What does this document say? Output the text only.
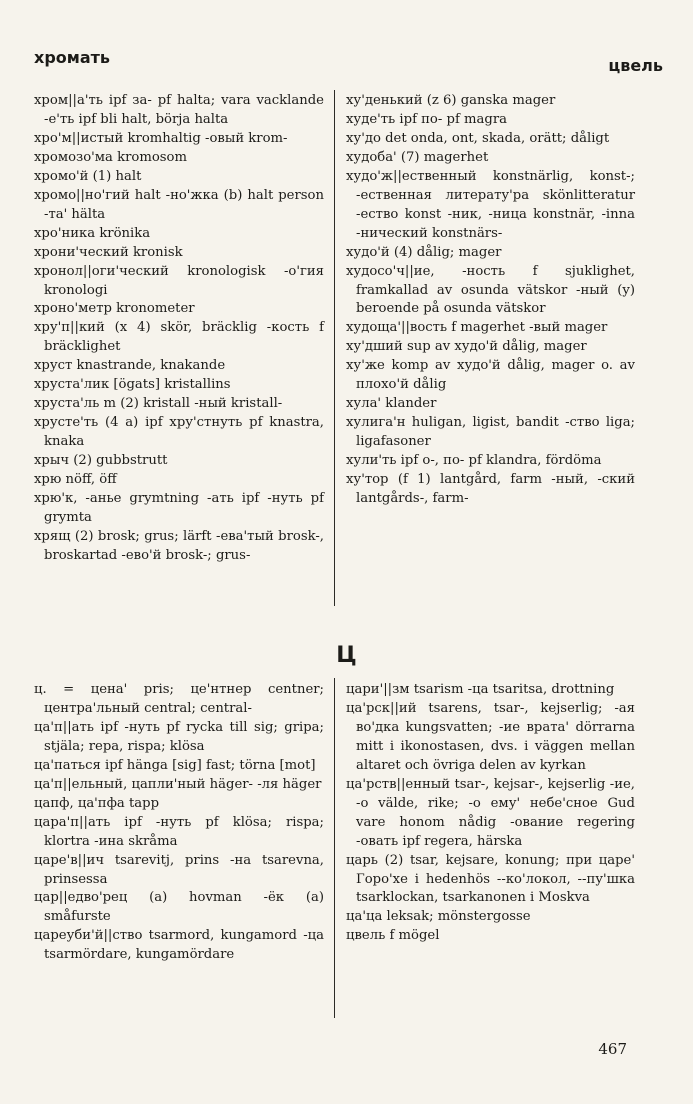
хромать	цвель
хром||а'ть ipf за- pf halta; vara vacklande -е'ть ipf bli halt, börja halta
хро'м||истый kromhaltig -овый krom-
хромозо'ма kromosom
хромо'й (1) halt
хромо||но'гий halt -но'жка (b) halt person -та' hälta
хро'ника krönika
хрони'ческий kronisk
хронол||оги'ческий kronologisk -о'гия kronologi
хроно'метр kronometer
хру'п||кий (x 4) skör, bräcklig -кость f bräcklighet
хруст knastrande, knakande
хруста'лик [ögats] kristallins
хруста'ль m (2) kristall -ный kristall-
хрусте'ть (4 a) ipf хру'стнуть pf knastra, knaka
хрыч (2) gubbstrutt
хрю nöff, öff
хрю'к, -анье grymtning -ать ipf -нуть pf grymta
хрящ (2) brosk; grus; lärft -ева'тый brosk-, broskartad -ево'й brosk-; grus-
ху'денький (z 6) ganska mager
худе'ть ipf по- pf magra
ху'до det onda, ont, skada, orätt; dåligt
худоба' (7) magerhet
худо'ж||ественный konstnärlig, konst-; -ественная литерату'ра skönlitteratur -ество konst -ник, -ница konstnär, -inna -нический konstnärs-
худо'й (4) dålig; mager
худосо'ч||ие, -ность f sjuklighet, framkallad av osunda vätskor -ный (y) beroende på osunda vätskor
худоща'||вость f magerhet -вый mager
ху'дший sup av худо'й dålig, mager
ху'же komp av худо'й dålig, mager o. av плохо'й dålig
хула' klander
хулига'н huligan, ligist, bandit -ство liga; ligafasoner
хули'ть ipf о-, по- pf klandra, fördöma
ху'тор (f 1) lantgård, farm -ный, -ский lantgårds-, farm-
Ц
ц. = цена' pris; це'нтнер centner; центра'льный central; central-
ца'п||ать ipf -нуть pf rycka till sig; gripa; stjäla; repa, rispa; klösa
ца'паться ipf hänga [sig] fast; törna [mot]
ца'п||ельный, цапли'ный häger- -ля häger
цапф, ца'пфа tapp
цара'п||ать ipf -нуть pf klösa; rispa; klortra -ина skråma
царе'в||ич tsarevitj, prins -на tsarevna, prinsessa
цар||едво'рец (a) hovman -ёк (a) småfurste
цареуби'й||ство tsarmord, kungamord -ца tsarmördare, kungamördare
цари'||зм tsarism -ца tsaritsa, drottning
ца'рск||ий tsarens, tsar-, kejserlig; -ая во'дка kungsvatten; -ие врата' dörrarna mitt i ikonostasen, dvs. i väggen mellan altaret och övriga delen av kyrkan
ца'рств||енный tsar-, kejsar-, kejserlig -ие, -о välde, rike; -о ему' небе'сное Gud vare honom nådig -ование regering -овать ipf regera, härska
царь (2) tsar, kejsare, konung; при царе' Горо'хе i hedenhös --ко'локол, --пу'шка tsarklockan, tsarkanonen i Moskva
ца'ца leksak; mönstergosse
цвель f mögel
467
